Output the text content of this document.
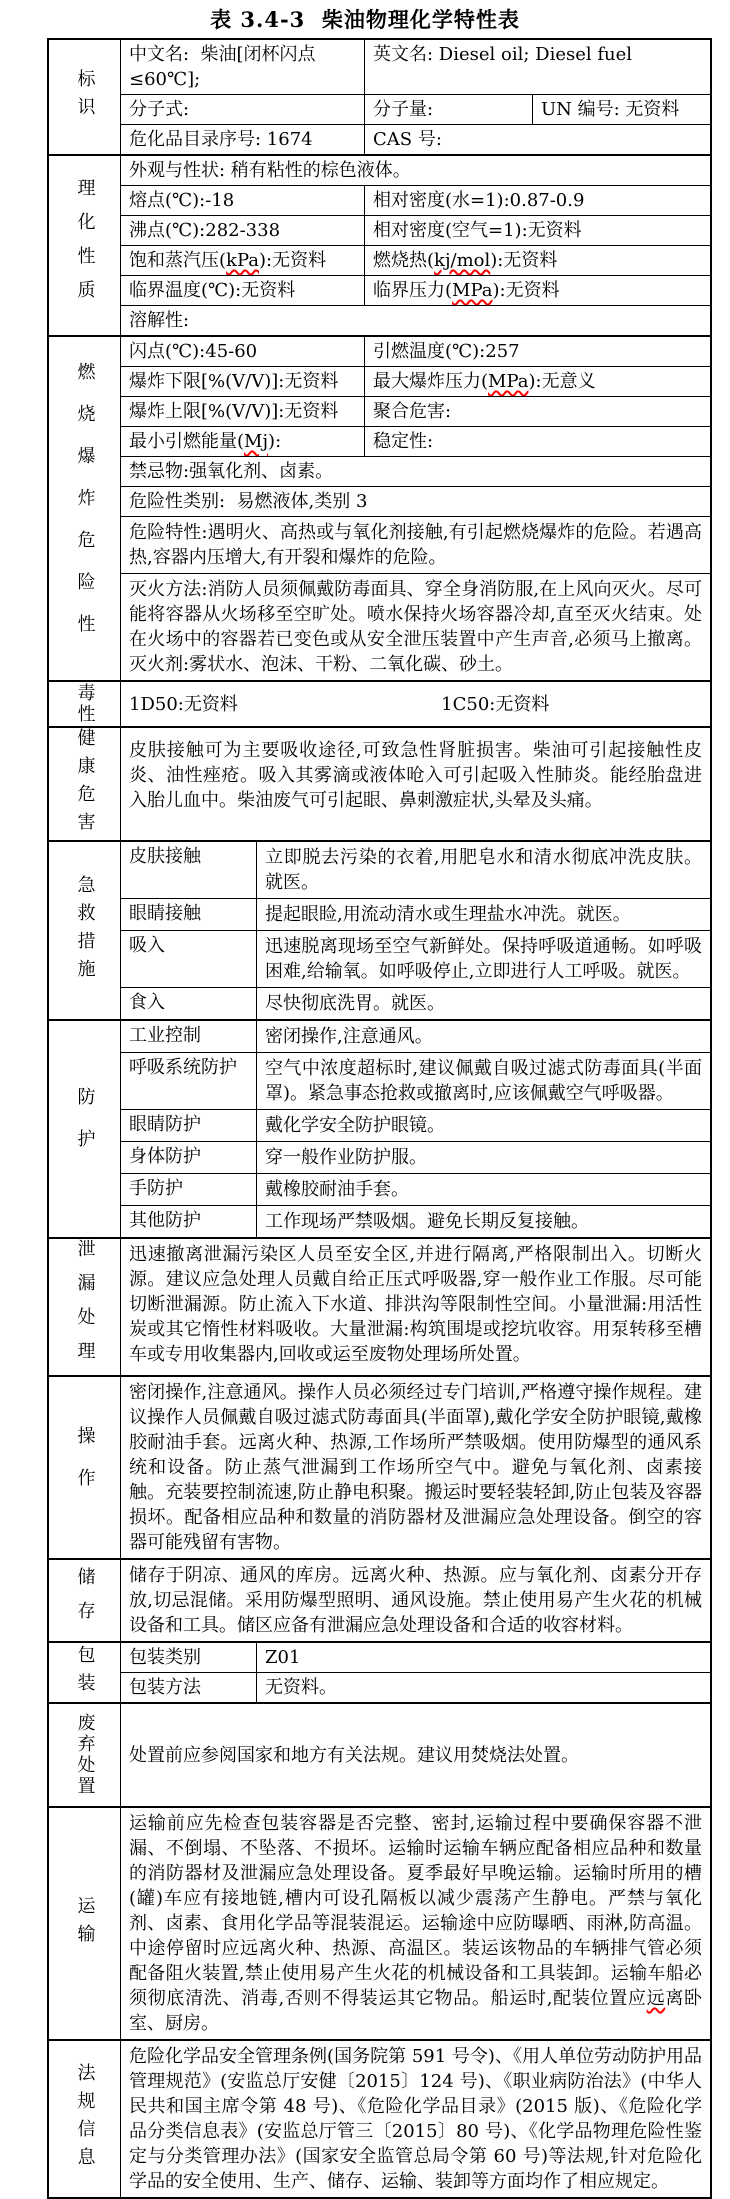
表 3.4-3  柴油物理化学特性表
标识
中文名:  柴油[闭杯闪点≤60℃];
英文名: Diesel oil; Diesel fuel
分子式:	分子量:	UN 编号: 无资料
危化品目录序号: 1674	CAS 号:
理化性质
外观与性状: 稍有粘性的棕色液体。
熔点(℃):-18	相对密度(水=1):0.87-0.9
沸点(℃):282-338	相对密度(空气=1):无资料
饱和蒸汽压(kPa):无资料	燃烧热(kj/mol):无资料
临界温度(℃):无资料	临界压力(MPa):无资料
溶解性:
燃烧爆炸危险性
闪点(℃):45-60	引燃温度(℃):257
爆炸下限[%(V/V)]:无资料	最大爆炸压力(MPa):无意义
爆炸上限[%(V/V)]:无资料	聚合危害:
最小引燃能量(Mj):	稳定性:
禁忌物:强氧化剂、卤素。
危险性类别:  易燃液体,类别 3
危险特性:遇明火、高热或与氧化剂接触,有引起燃烧爆炸的危险。若遇高热,容器内压增大,有开裂和爆炸的危险。
灭火方法:消防人员须佩戴防毒面具、穿全身消防服,在上风向灭火。尽可能将容器从火场移至空旷处。喷水保持火场容器冷却,直至灭火结束。处在火场中的容器若已变色或从安全泄压装置中产生声音,必须马上撤离。灭火剂:雾状水、泡沫、干粉、二氧化碳、砂土。
毒性	1D50:无资料	1C50:无资料
健康危害	皮肤接触可为主要吸收途径,可致急性肾脏损害。柴油可引起接触性皮炎、油性痤疮。吸入其雾滴或液体呛入可引起吸入性肺炎。能经胎盘进入胎儿血中。柴油废气可引起眼、鼻刺激症状,头晕及头痛。
急救措施
皮肤接触	立即脱去污染的衣着,用肥皂水和清水彻底冲洗皮肤。就医。
眼睛接触	提起眼睑,用流动清水或生理盐水冲洗。就医。
吸入	迅速脱离现场至空气新鲜处。保持呼吸道通畅。如呼吸困难,给输氧。如呼吸停止,立即进行人工呼吸。就医。
食入	尽快彻底洗胃。就医。
防护
工业控制	密闭操作,注意通风。
呼吸系统防护	空气中浓度超标时,建议佩戴自吸过滤式防毒面具(半面罩)。紧急事态抢救或撤离时,应该佩戴空气呼吸器。
眼睛防护	戴化学安全防护眼镜。
身体防护	穿一般作业防护服。
手防护	戴橡胶耐油手套。
其他防护	工作现场严禁吸烟。避免长期反复接触。
泄漏处理	迅速撤离泄漏污染区人员至安全区,并进行隔离,严格限制出入。切断火源。建议应急处理人员戴自给正压式呼吸器,穿一般作业工作服。尽可能切断泄漏源。防止流入下水道、排洪沟等限制性空间。小量泄漏:用活性炭或其它惰性材料吸收。大量泄漏:构筑围堤或挖坑收容。用泵转移至槽车或专用收集器内,回收或运至废物处理场所处置。
操作
密闭操作,注意通风。操作人员必须经过专门培训,严格遵守操作规程。建议操作人员佩戴自吸过滤式防毒面具(半面罩),戴化学安全防护眼镜,戴橡胶耐油手套。远离火种、热源,工作场所严禁吸烟。使用防爆型的通风系统和设备。防止蒸气泄漏到工作场所空气中。避免与氧化剂、卤素接触。充装要控制流速,防止静电积聚。搬运时要轻装轻卸,防止包装及容器损坏。配备相应品种和数量的消防器材及泄漏应急处理设备。倒空的容器可能残留有害物。
储存	储存于阴凉、通风的库房。远离火种、热源。应与氧化剂、卤素分开存放,切忌混储。采用防爆型照明、通风设施。禁止使用易产生火花的机械设备和工具。储区应备有泄漏应急处理设备和合适的收容材料。
包装	包装类别	Z01
包装方法	无资料。
废弃处置	处置前应参阅国家和地方有关法规。建议用焚烧法处置。
运输
运输前应先检查包装容器是否完整、密封,运输过程中要确保容器不泄漏、不倒塌、不坠落、不损坏。运输时运输车辆应配备相应品种和数量的消防器材及泄漏应急处理设备。夏季最好早晚运输。运输时所用的槽(罐)车应有接地链,槽内可设孔隔板以减少震荡产生静电。严禁与氧化剂、卤素、食用化学品等混装混运。运输途中应防曝晒、雨淋,防高温。中途停留时应远离火种、热源、高温区。装运该物品的车辆排气管必须配备阻火装置,禁止使用易产生火花的机械设备和工具装卸。运输车船必须彻底清洗、消毒,否则不得装运其它物品。船运时,配装位置应远离卧室、厨房。
法规信息
危险化学品安全管理条例(国务院第 591 号令)、《用人单位劳动防护用品管理规范》(安监总厅安健〔2015〕124 号)、《职业病防治法》(中华人民共和国主席令第 48 号)、《危险化学品目录》(2015 版)、《危险化学品分类信息表》(安监总厅管三〔2015〕80 号)、《化学品物理危险性鉴定与分类管理办法》(国家安全监管总局令第 60 号)等法规,针对危险化学品的安全使用、生产、储存、运输、装卸等方面均作了相应规定。
